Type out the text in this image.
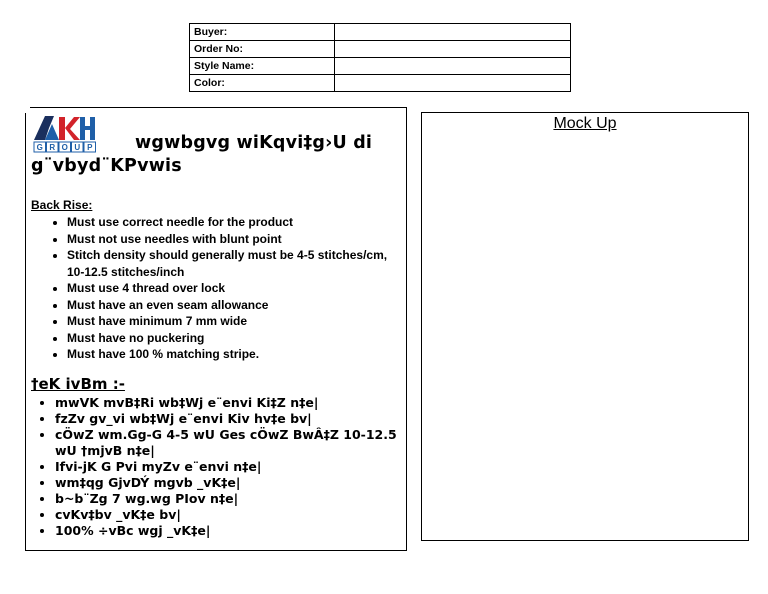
Buyer:	
Order No:	
Style Name:	
Color:	
G R O U P	wgwbgvg wiKqvi‡g›U di g¨vbyd¨KPvwis
Back Rise:
• Must use correct needle for the product
• Must not use needles with blunt point
• Stitch density should generally must be 4-5 stitches/cm, 10-12.5 stitches/inch
• Must use 4 thread over lock
• Must have an even seam allowance
• Must have minimum 7 mm wide
• Must have no puckering
• Must have 100 % matching stripe.
†eK ivBm :-
• mwVK mvB‡Ri wb‡Wj e¨envi Ki‡Z n‡e|
• fzZv gv_vi wb‡Wj e¨envi Kiv hv‡e bv|
• cÖwZ wm.Gg-G 4-5 wU Ges cÖwZ BwÂ‡Z 10-12.5 wU †mjvB n‡e|
• Ifvi-jK G Pvi myZv e¨envi n‡e|
• wm‡qg GjvDÝ mgvb _vK‡e|
• b~b¨Zg 7 wg.wg PIov n‡e|
• cvKv‡bv _vK‡e bv|
• 100% ÷vBc wgj _vK‡e|
Mock Up
